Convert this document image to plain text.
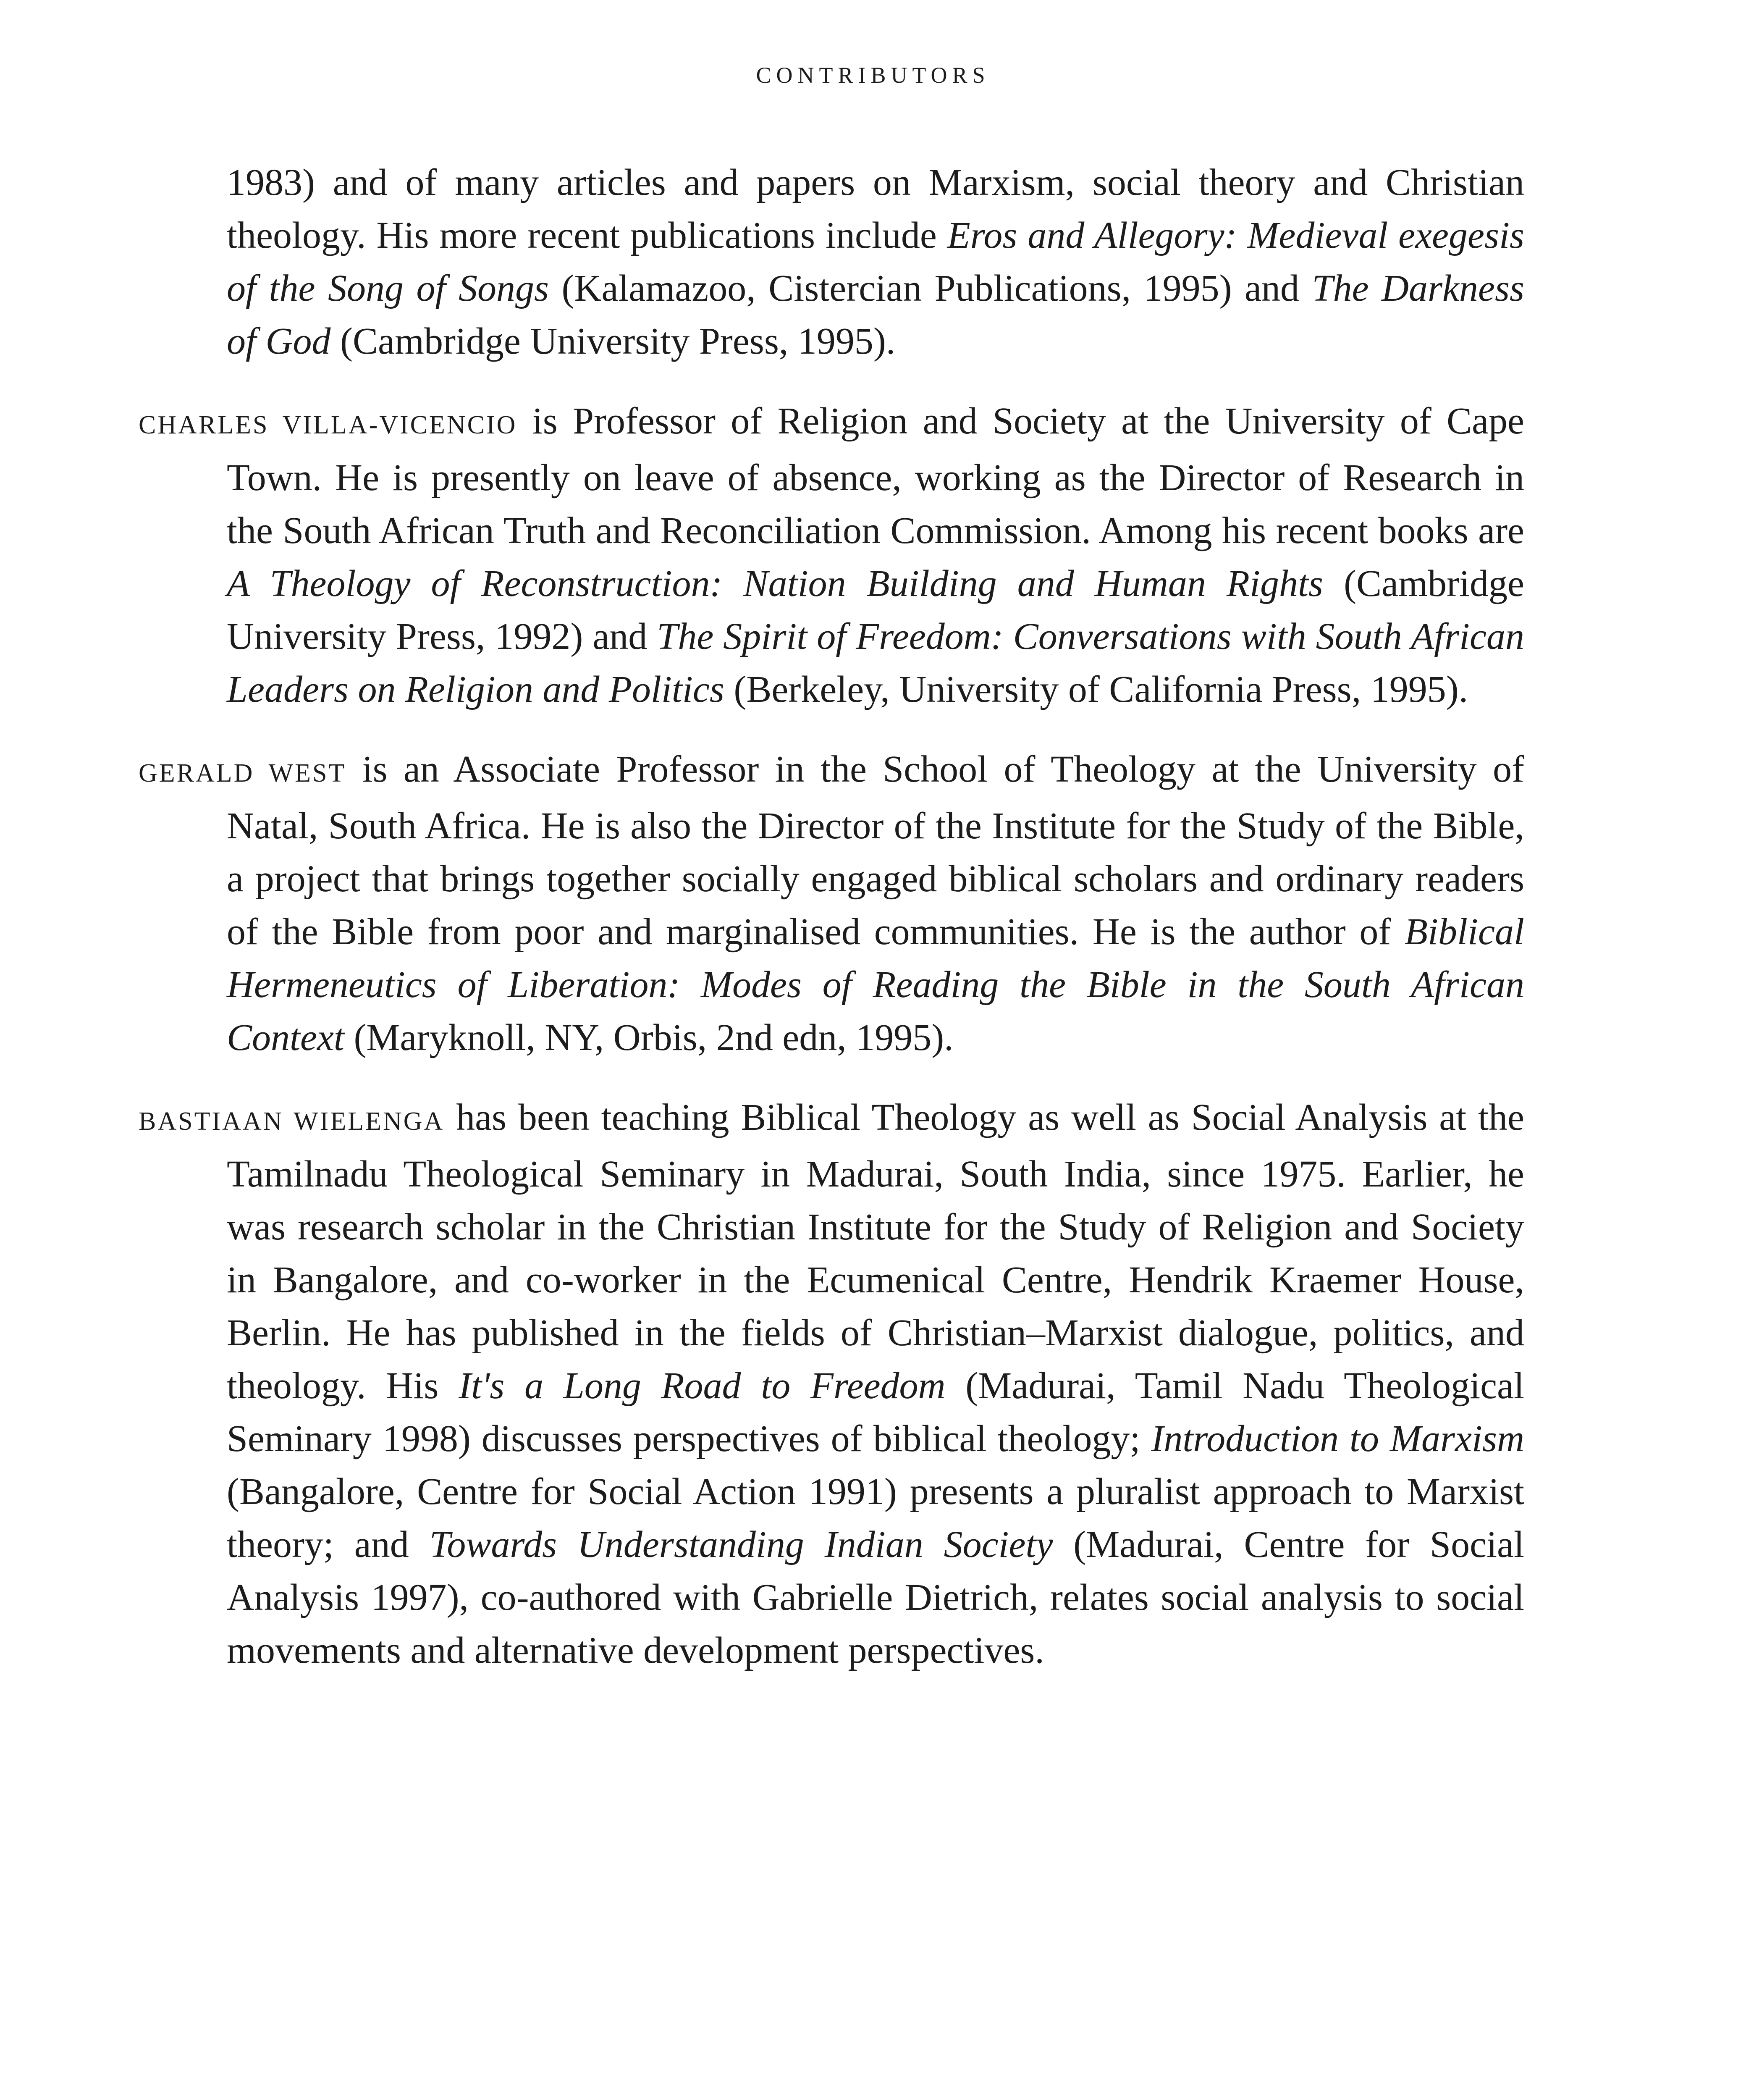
CONTRIBUTORS

1983) and of many articles and papers on Marxism, social theory and Christian theology. His more recent publications include Eros and Allegory: Medieval exegesis of the Song of Songs (Kalamazoo, Cistercian Publications, 1995) and The Darkness of God (Cambridge University Press, 1995).

CHARLES VILLA-VICENCIO is Professor of Religion and Society at the University of Cape Town. He is presently on leave of absence, working as the Director of Research in the South African Truth and Reconciliation Commission. Among his recent books are A Theology of Reconstruction: Nation Building and Human Rights (Cambridge University Press, 1992) and The Spirit of Freedom: Conversations with South African Leaders on Religion and Politics (Berkeley, University of California Press, 1995).

GERALD WEST is an Associate Professor in the School of Theology at the University of Natal, South Africa. He is also the Director of the Institute for the Study of the Bible, a project that brings together socially engaged biblical scholars and ordinary readers of the Bible from poor and marginalised communities. He is the author of Biblical Hermeneutics of Liberation: Modes of Reading the Bible in the South African Context (Maryknoll, NY, Orbis, 2nd edn, 1995).

BASTIAAN WIELENGA has been teaching Biblical Theology as well as Social Analysis at the Tamilnadu Theological Seminary in Madurai, South India, since 1975. Earlier, he was research scholar in the Christian Institute for the Study of Religion and Society in Bangalore, and co-worker in the Ecumenical Centre, Hendrik Kraemer House, Berlin. He has published in the fields of Christian–Marxist dialogue, politics, and theology. His It's a Long Road to Freedom (Madurai, Tamil Nadu Theological Seminary 1998) discusses perspectives of biblical theology; Introduction to Marxism (Bangalore, Centre for Social Action 1991) presents a pluralist approach to Marxist theory; and Towards Understanding Indian Society (Madurai, Centre for Social Analysis 1997), co-authored with Gabrielle Dietrich, relates social analysis to social movements and alternative development perspectives.
